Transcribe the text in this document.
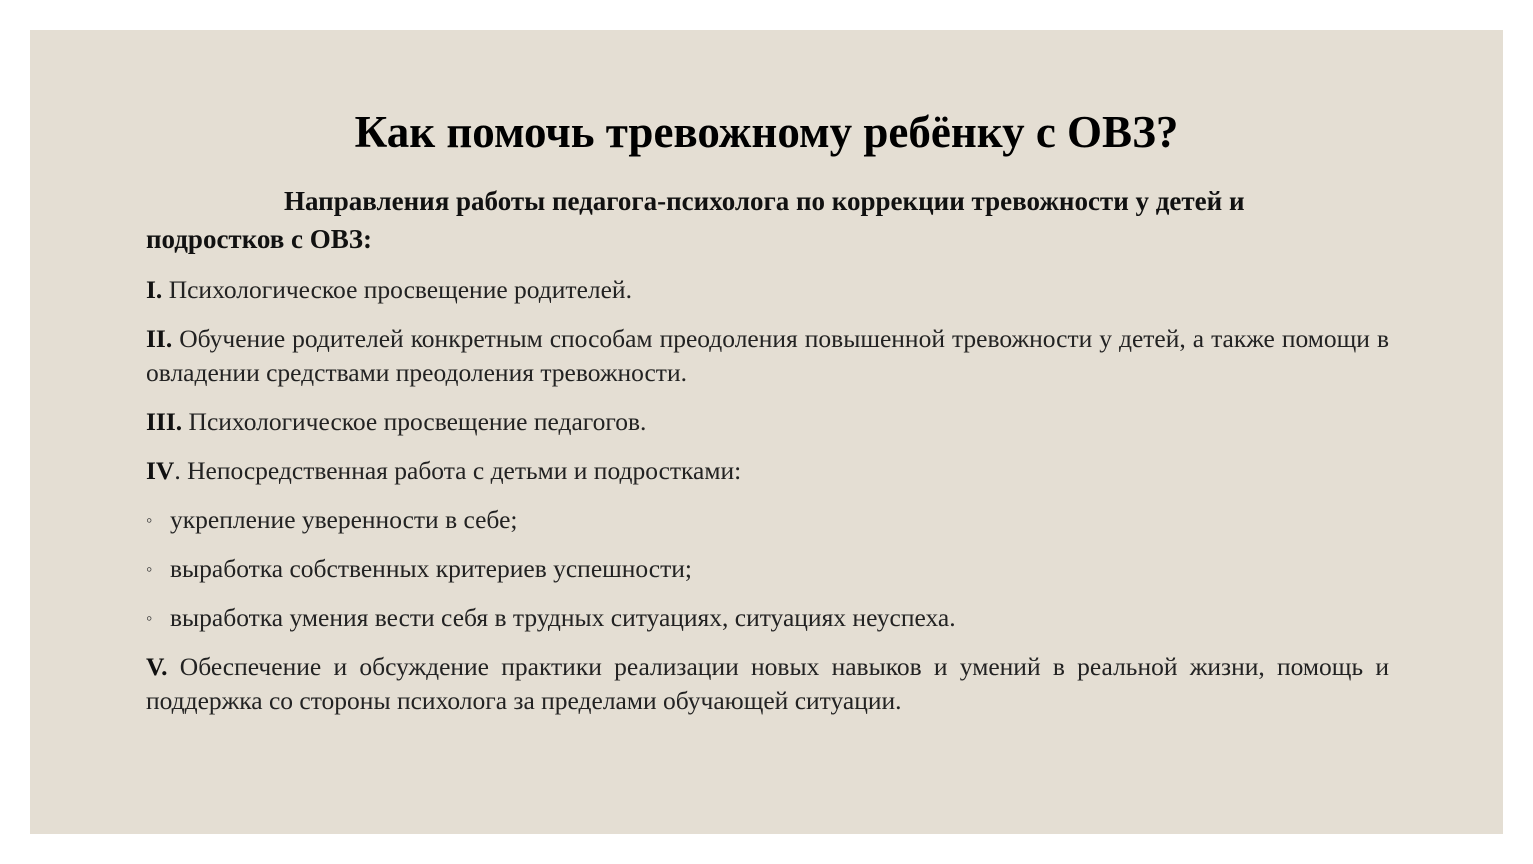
Как помочь тревожному ребёнку с ОВЗ?
Направления работы педагога-психолога по коррекции тревожности у детей и подростков с ОВЗ:
I. Психологическое просвещение родителей.
II. Обучение родителей конкретным способам преодоления повышенной тревожности у детей, а также помощи в овладении средствами преодоления тревожности.
III. Психологическое просвещение педагогов.
IV. Непосредственная работа с детьми и подростками:
◦ укрепление уверенности в себе;
◦ выработка собственных критериев успешности;
◦ выработка умения вести себя в трудных ситуациях, ситуациях неуспеха.
V. Обеспечение и обсуждение практики реализации новых навыков и умений в реальной жизни, помощь и поддержка со стороны психолога за пределами обучающей ситуации.
